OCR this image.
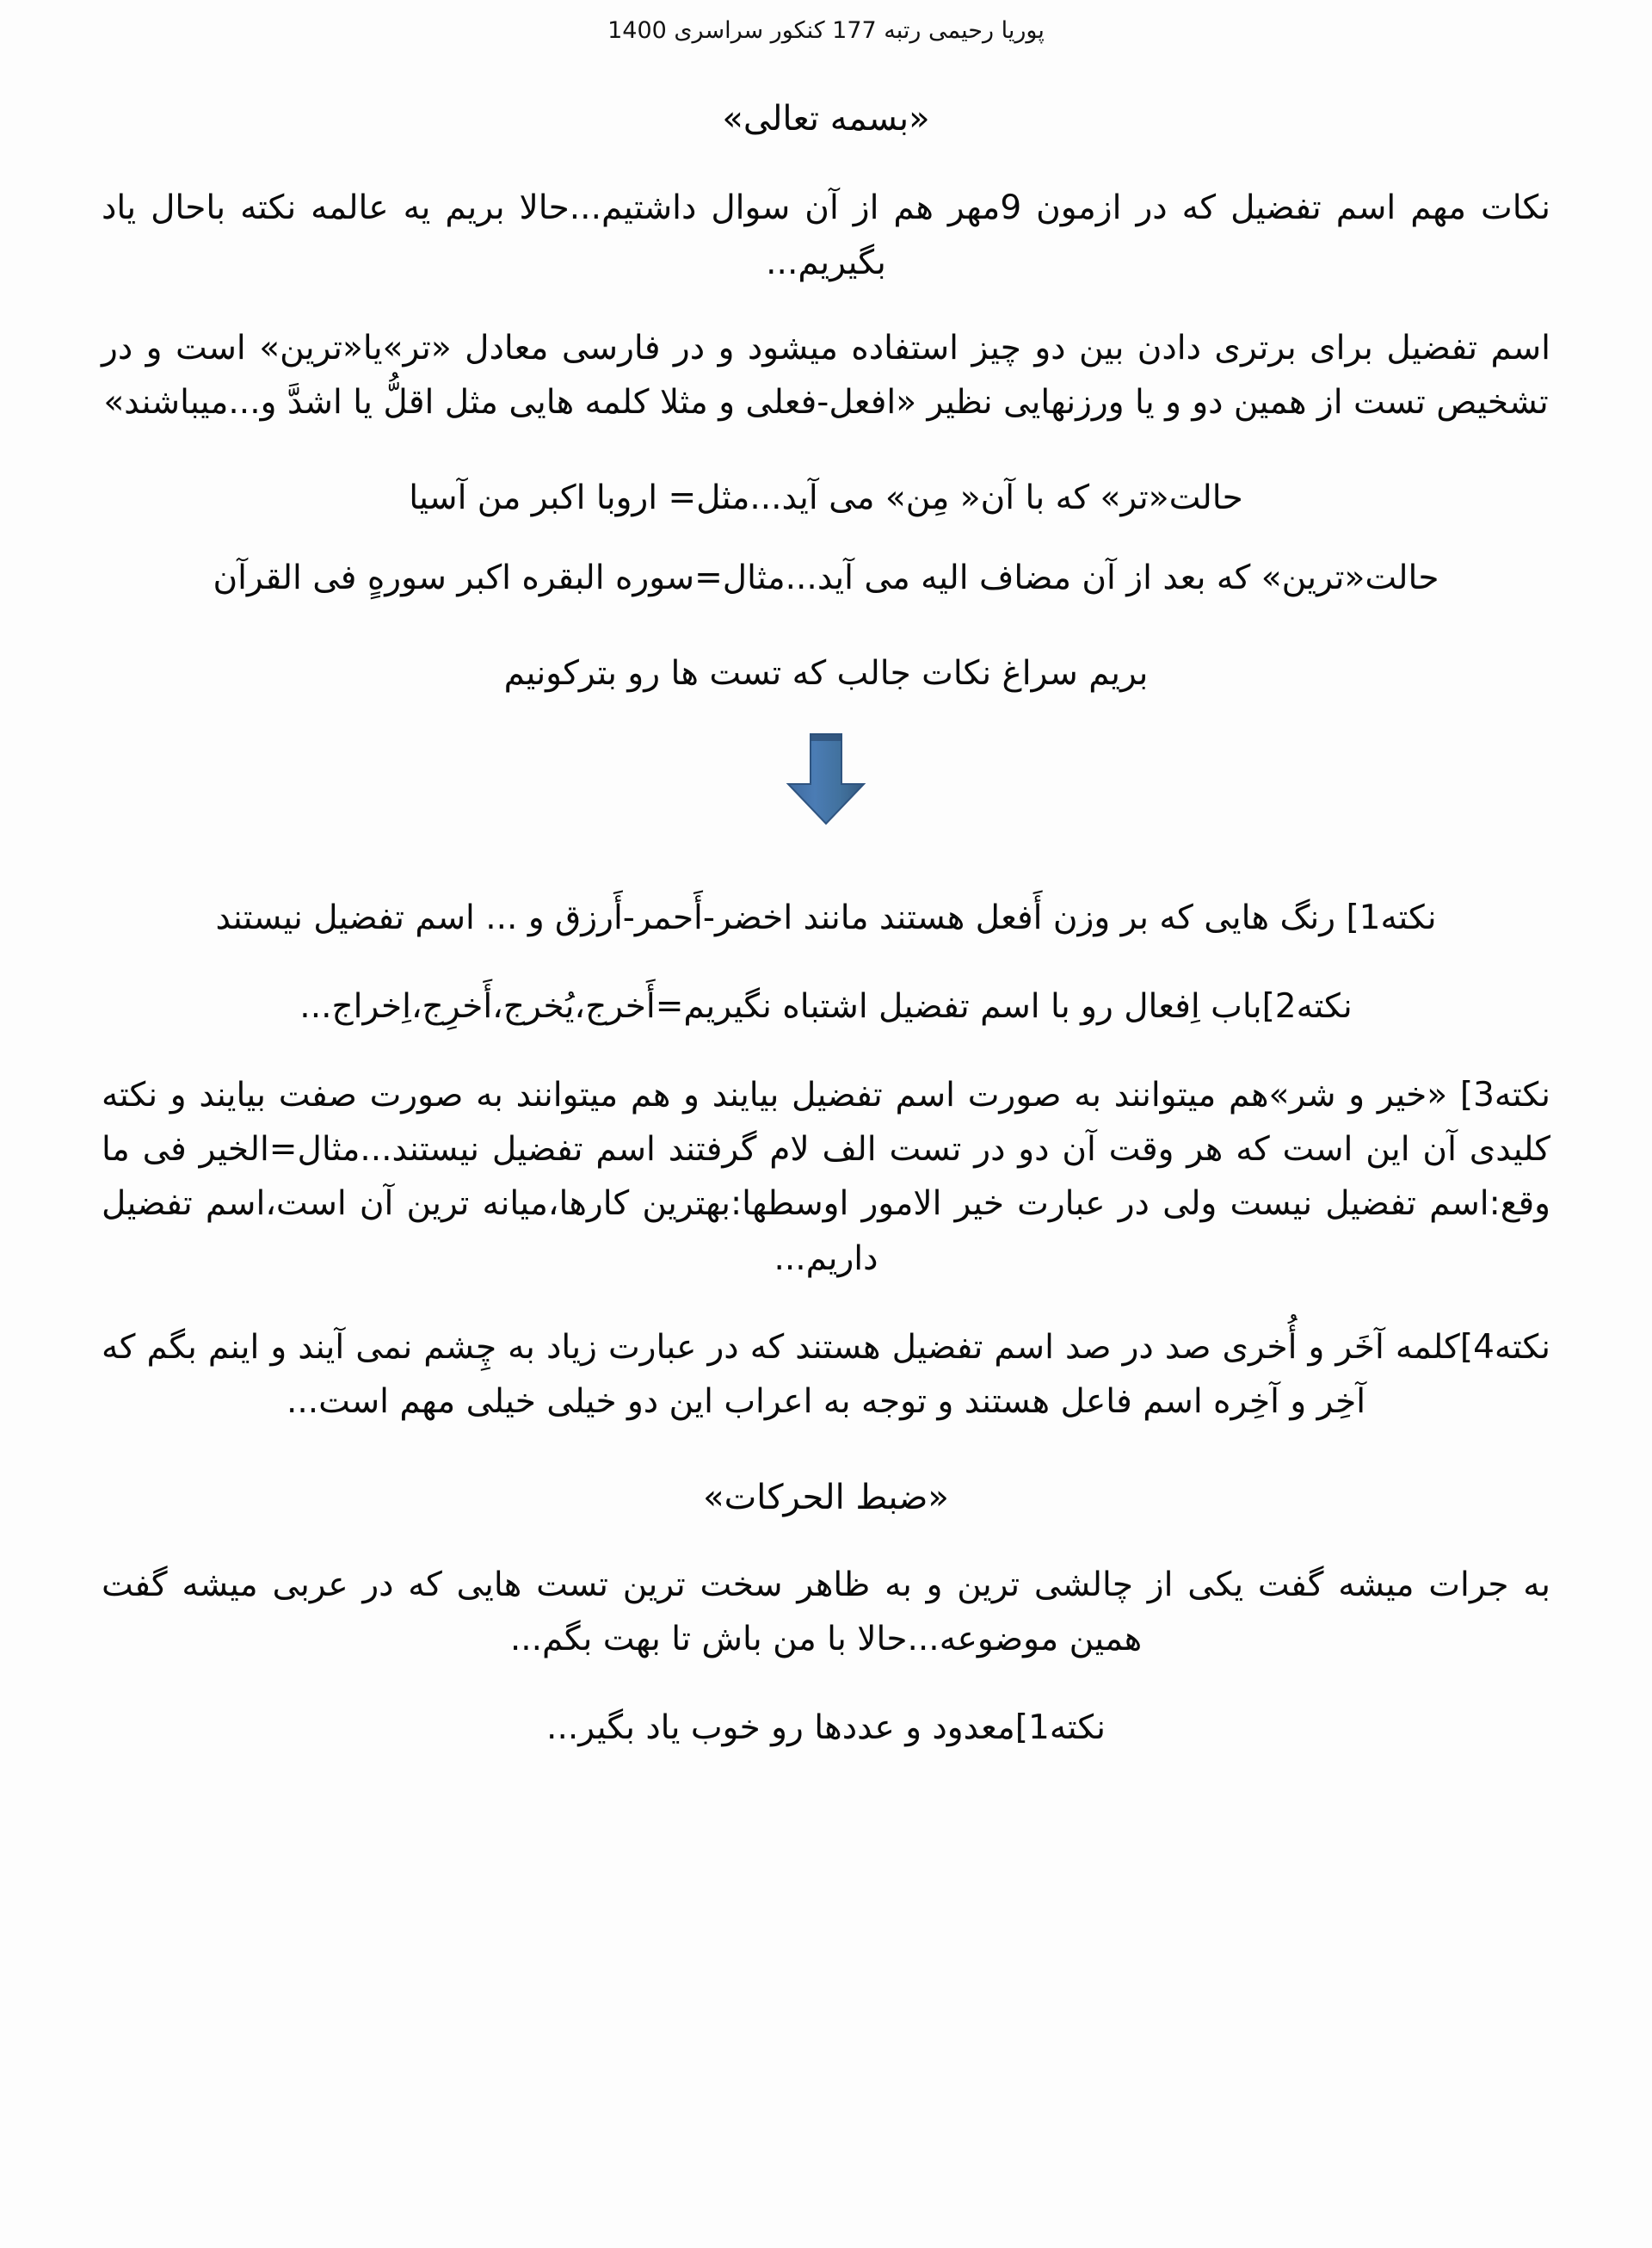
پوریا رحیمی رتبه 177 کنکور سراسری 1400
«بسمه تعالی»

نکات مهم اسم تفضیل که در ازمون 9مهر هم از آن سوال داشتیم...حالا بریم یه عالمه نکته باحال یاد بگیریم...

اسم تفضیل برای برتری دادن بین دو چیز استفاده میشود و در فارسی معادل «تر»یا«ترین» است و در تشخیص تست از همین دو و یا ورزنهایی نظیر «افعل-فعلی و مثلا کلمه هایی مثل اقلُّ یا اشدَّ و...میباشند»

حالت«تر» که با آن« مِن» می آید...مثل= اروبا اکبر من آسیا

حالت«ترین» که بعد از آن مضاف الیه می آید...مثال=سوره البقره اکبر سورهٍ فی القرآن

بریم سراغ نکات جالب که تست ها رو بترکونیم

نکته1] رنگ هایی که بر وزن أَفعل هستند مانند اخضر-أَحمر-أَرزق و ... اسم تفضیل نیستند

نکته2]باب اِفعال رو با اسم تفضیل اشتباه نگیریم=أَخرج،یُخرج،أَخرِج،اِخراج...

نکته3] «خیر و شر»هم میتوانند به صورت اسم تفضیل بیایند و هم میتوانند به صورت صفت بیایند و نکته کلیدی آن این است که هر وقت آن دو در تست الف لام گرفتند اسم تفضیل نیستند...مثال=الخیر فی ما وقع:اسم تفضیل نیست ولی در عبارت خیر الامور اوسطها:بهترین کارها،میانه ترین آن است،اسم تفضیل داریم...

نکته4]کلمه آخَر و أُخری صد در صد اسم تفضیل هستند که در عبارت زیاد به چِشم نمی آیند و اینم بگم که آخِر و آخِره اسم فاعل هستند و توجه به اعراب این دو خیلی خیلی مهم است...

«ضبط الحرکات»

به جرات میشه گفت یکی از چالشی ترین و به ظاهر سخت ترین تست هایی که در عربی میشه گفت همین موضوعه...حالا با من باش تا بهت بگم...

نکته1]معدود و عددها رو خوب یاد بگیر...
